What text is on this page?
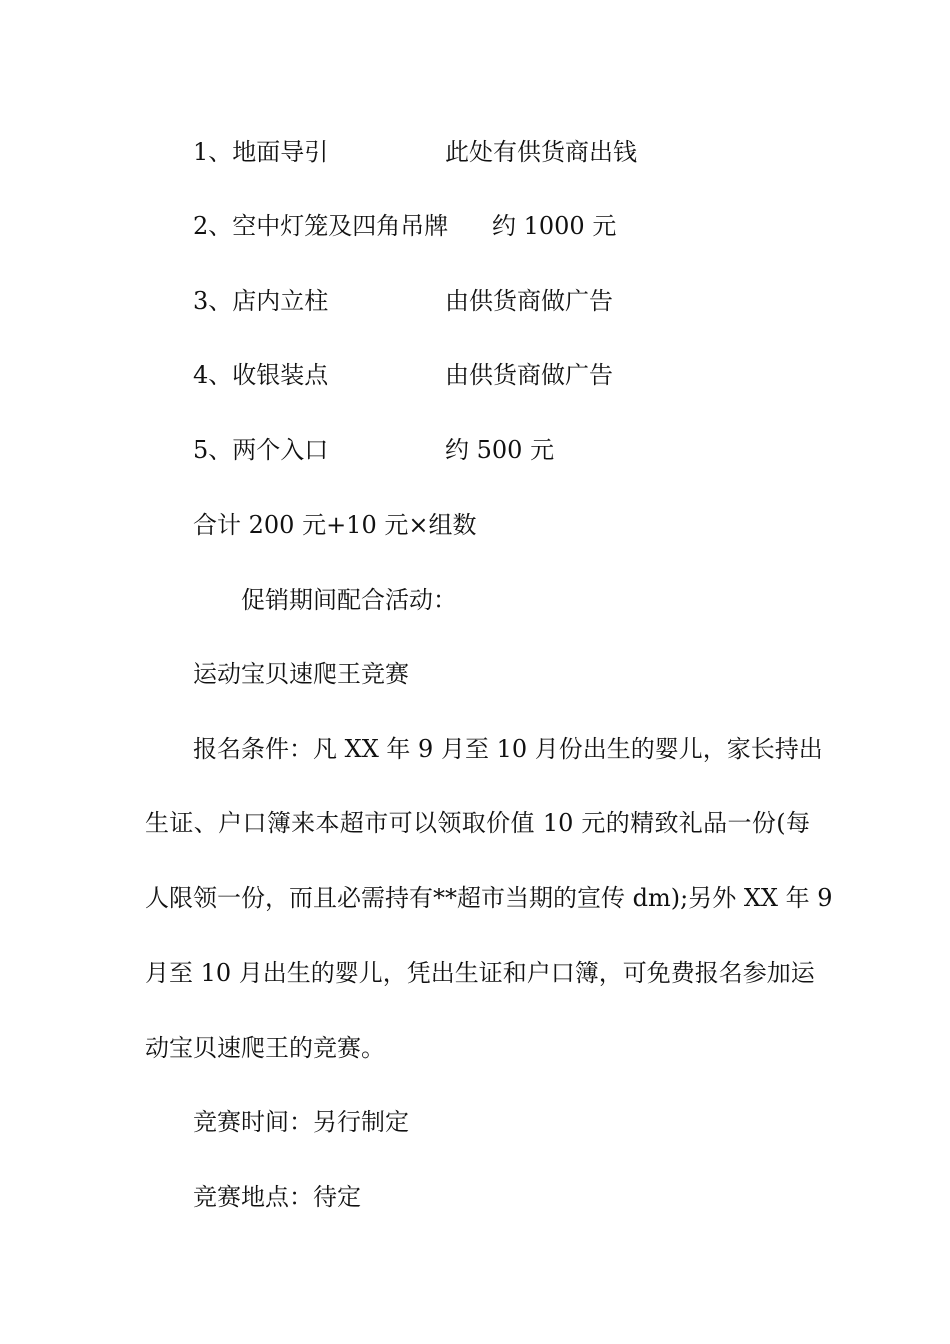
1、地面导引	此处有供货商出钱
2、空中灯笼及四角吊牌 约 1000 元
3、店内立柱	由供货商做广告
4、收银装点	由供货商做广告
5、两个入口	约 500 元
合计 200 元+10 元×组数
促销期间配合活动：
运动宝贝速爬王竞赛
报名条件：凡 XX 年 9 月至 10 月份出生的婴儿，家长持出
生证、户口簿来本超市可以领取价值 10 元的精致礼品一份(每
人限领一份，而且必需持有**超市当期的宣传 dm);另外 XX 年 9
月至 10 月出生的婴儿，凭出生证和户口簿，可免费报名参加运
动宝贝速爬王的竞赛。
竞赛时间：另行制定
竞赛地点：待定
